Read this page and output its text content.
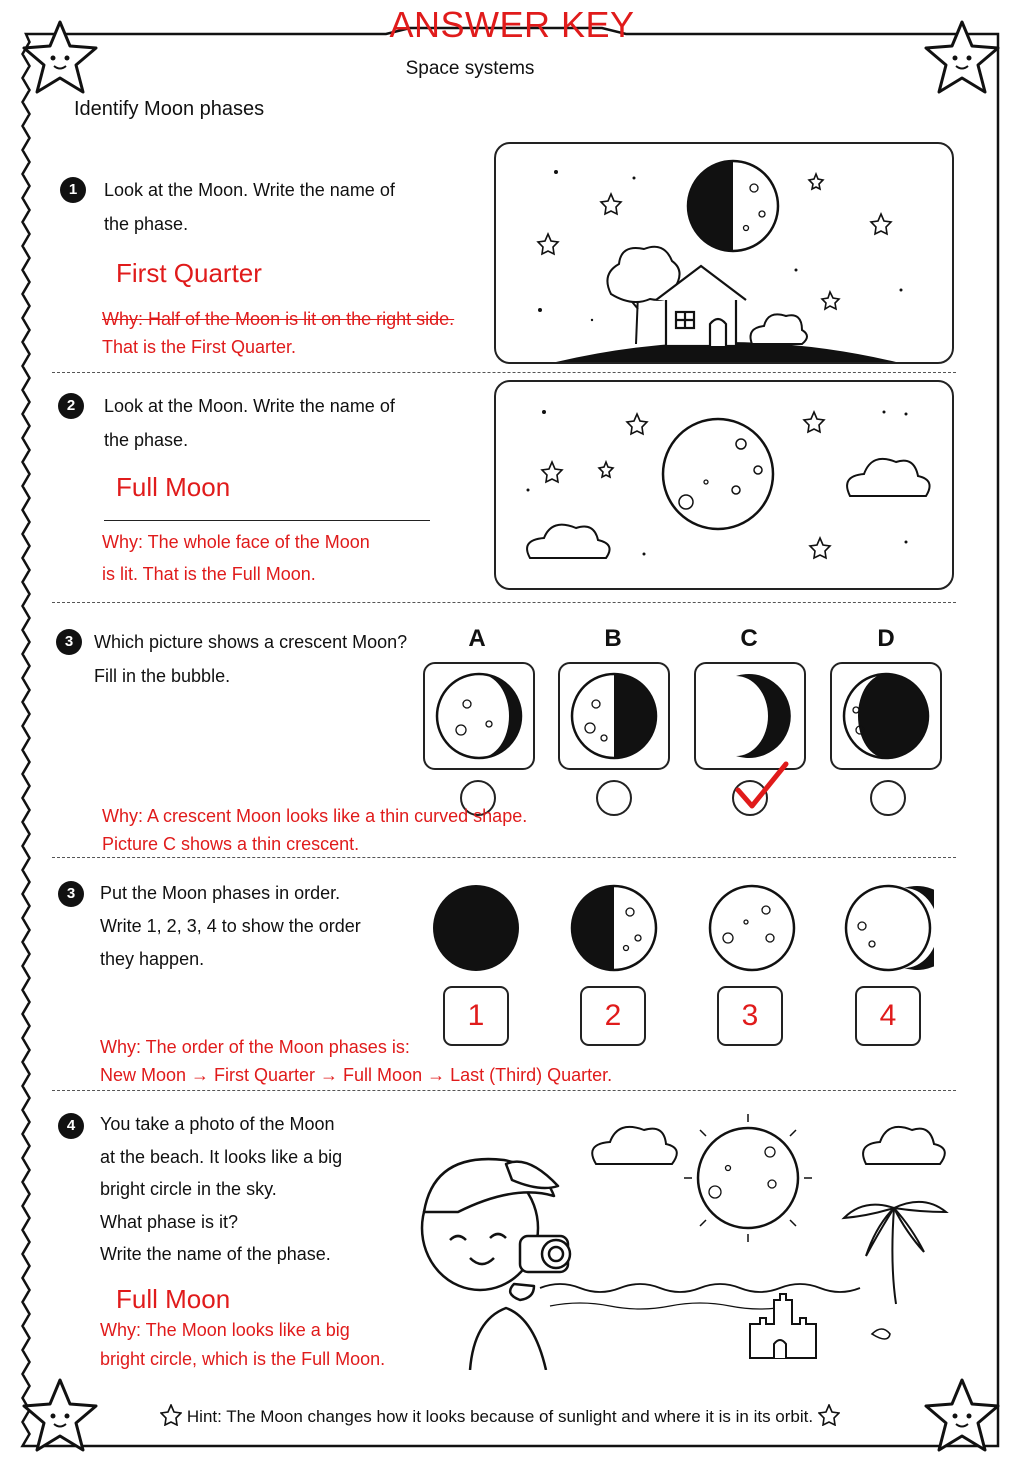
ANSWER KEY
Space systems
Identify Moon phases
1	Look at the Moon. Write the name of
the phase.
First Quarter
Why: Half of the Moon is lit on the right side.
That is the First Quarter.
2	Look at the Moon. Write the name of
the phase.
Full Moon
Why: The whole face of the Moon
is lit. That is the Full Moon.
3	Which picture shows a crescent Moon?
Fill in the bubble.
A	B	C	D
Why: A crescent Moon looks like a thin curved shape.
Picture C shows a thin crescent.
3	Put the Moon phases in order.
Write 1, 2, 3, 4 to show the order
they happen.
1	2	3	4
Why: The order of the Moon phases is:
New Moon → First Quarter → Full Moon → Last (Third) Quarter.
4	You take a photo of the Moon
at the beach. It looks like a big
bright circle in the sky.
What phase is it?
Write the name of the phase.
Full Moon
Why: The Moon looks like a big
bright circle, which is the Full Moon.
Hint: The Moon changes how it looks because of sunlight and where it is in its orbit.
